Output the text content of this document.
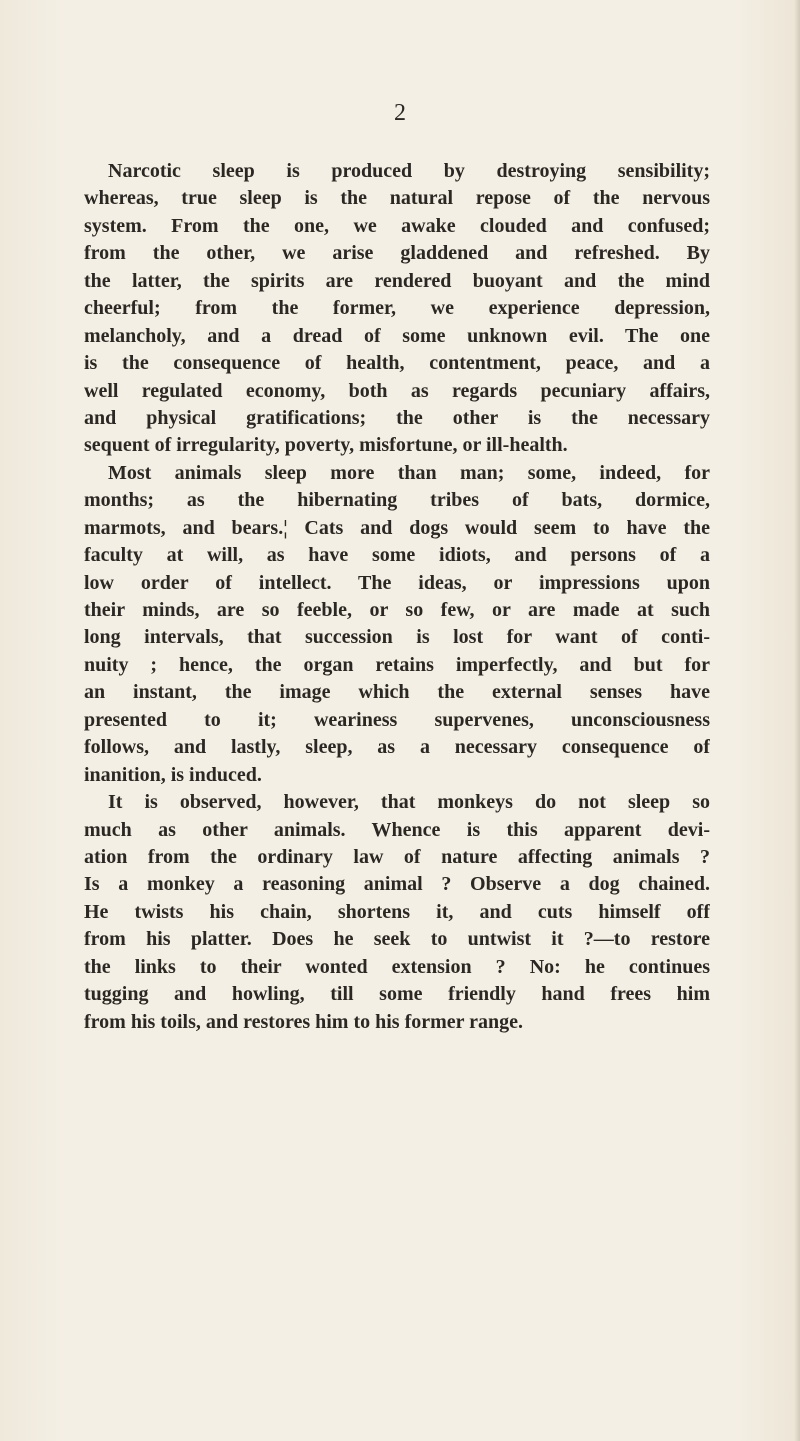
2
Narcotic sleep is produced by destroying sensibility;
whereas, true sleep is the natural repose of the nervous
system. From the one, we awake clouded and confused;
from the other, we arise gladdened and refreshed. By
the latter, the spirits are rendered buoyant and the mind
cheerful; from the former, we experience depression,
melancholy, and a dread of some unknown evil. The one
is the consequence of health, contentment, peace, and a
well regulated economy, both as regards pecuniary affairs,
and physical gratifications; the other is the necessary
sequent of irregularity, poverty, misfortune, or ill-health.
Most animals sleep more than man; some, indeed, for
months; as the hibernating tribes of bats, dormice,
marmots, and bears.¦ Cats and dogs would seem to have the
faculty at will, as have some idiots, and persons of a
low order of intellect. The ideas, or impressions upon
their minds, are so feeble, or so few, or are made at such
long intervals, that succession is lost for want of conti-
nuity ; hence, the organ retains imperfectly, and but for
an instant, the image which the external senses have
presented to it; weariness supervenes, unconsciousness
follows, and lastly, sleep, as a necessary consequence of
inanition, is induced.
It is observed, however, that monkeys do not sleep so
much as other animals. Whence is this apparent devi-
ation from the ordinary law of nature affecting animals ?
Is a monkey a reasoning animal ? Observe a dog chained.
He twists his chain, shortens it, and cuts himself off
from his platter. Does he seek to untwist it ?—to restore
the links to their wonted extension ? No: he continues
tugging and howling, till some friendly hand frees him
from his toils, and restores him to his former range.
